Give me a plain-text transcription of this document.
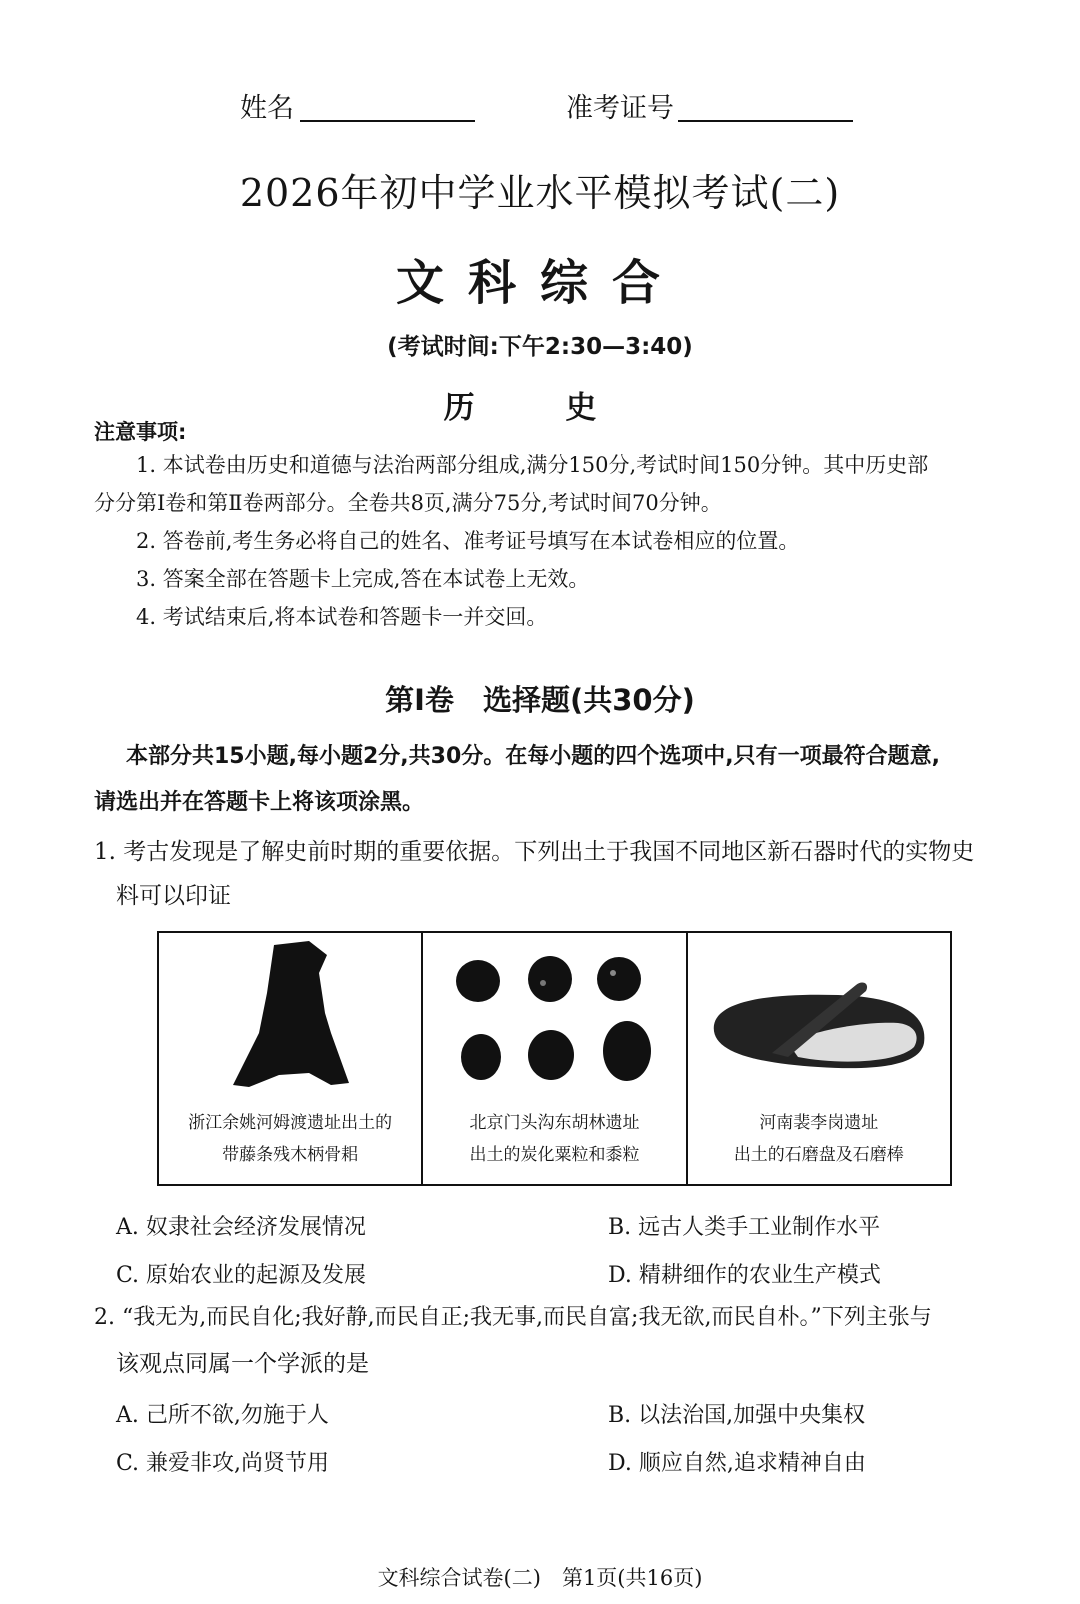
姓名	准考证号
2026年初中学业水平模拟考试(二)
文科综合
(考试时间:下午2:30—3:40)
历 史
注意事项:
1. 本试卷由历史和道德与法治两部分组成,满分150分,考试时间150分钟。其中历史部
分分第Ⅰ卷和第Ⅱ卷两部分。全卷共8页,满分75分,考试时间70分钟。
2. 答卷前,考生务必将自己的姓名、准考证号填写在本试卷相应的位置。
3. 答案全部在答题卡上完成,答在本试卷上无效。
4. 考试结束后,将本试卷和答题卡一并交回。
第Ⅰ卷　选择题(共30分)
本部分共15小题,每小题2分,共30分。在每小题的四个选项中,只有一项最符合题意,
请选出并在答题卡上将该项涂黑。
1. 考古发现是了解史前时期的重要依据。下列出土于我国不同地区新石器时代的实物史
料可以印证
浙江余姚河姆渡遗址出土的
带藤条残木柄骨耜
北京门头沟东胡林遗址
出土的炭化粟粒和黍粒
河南裴李岗遗址
出土的石磨盘及石磨棒
A. 奴隶社会经济发展情况	B. 远古人类手工业制作水平
C. 原始农业的起源及发展	D. 精耕细作的农业生产模式
2. “我无为,而民自化;我好静,而民自正;我无事,而民自富;我无欲,而民自朴。”下列主张与
该观点同属一个学派的是
A. 己所不欲,勿施于人	B. 以法治国,加强中央集权
C. 兼爱非攻,尚贤节用	D. 顺应自然,追求精神自由
文科综合试卷(二)　第1页(共16页)
